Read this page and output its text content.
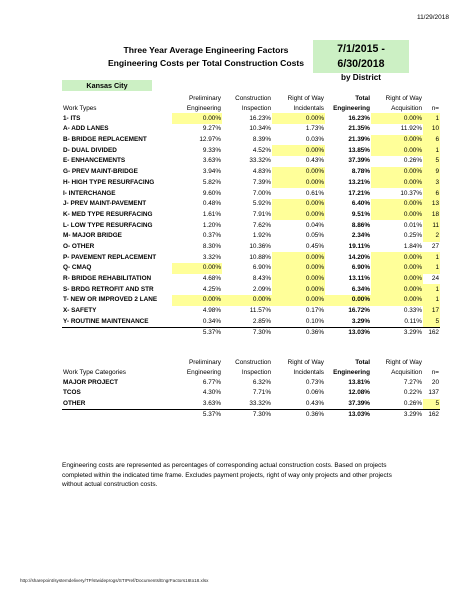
11/29/2018
Three Year Average Engineering Factors
Engineering Costs per Total Construction Costs
7/1/2015 - 6/30/2018
by District
Kansas City
	Preliminary	Construction	Right of Way	Total	Right of Way	
Work Types	Engineering	Inspection	Incidentals	Engineering	Acquisition	n=
1- ITS	0.00%	16.23%	0.00%	16.23%	0.00%	1
A- ADD LANES	9.27%	10.34%	1.73%	21.35%	11.92%	10
B- BRIDGE REPLACEMENT	12.97%	8.39%	0.03%	21.39%	0.00%	6
D- DUAL DIVIDED	9.33%	4.52%	0.00%	13.85%	0.00%	1
E- ENHANCEMENTS	3.63%	33.32%	0.43%	37.39%	0.26%	5
G- PREV MAINT-BRIDGE	3.94%	4.83%	0.00%	8.78%	0.00%	9
H- HIGH TYPE RESURFACING	5.82%	7.39%	0.00%	13.21%	0.00%	3
I- INTERCHANGE	9.60%	7.00%	0.61%	17.21%	10.37%	6
J- PREV MAINT-PAVEMENT	0.48%	5.92%	0.00%	6.40%	0.00%	13
K- MED TYPE RESURFACING	1.61%	7.91%	0.00%	9.51%	0.00%	18
L- LOW TYPE RESURFACING	1.20%	7.62%	0.04%	8.86%	0.01%	11
M- MAJOR BRIDGE	0.37%	1.92%	0.05%	2.34%	0.25%	2
O- OTHER	8.30%	10.36%	0.45%	19.11%	1.84%	27
P- PAVEMENT REPLACEMENT	3.32%	10.88%	0.00%	14.20%	0.00%	1
Q- CMAQ	0.00%	6.90%	0.00%	6.90%	0.00%	1
R- BRIDGE REHABILITATION	4.68%	8.43%	0.00%	13.11%	0.00%	24
S- BRDG RETROFIT AND STR	4.25%	2.09%	0.00%	6.34%	0.00%	1
T- NEW OR IMPROVED 2 LANE	0.00%	0.00%	0.00%	0.00%	0.00%	1
X- SAFETY	4.98%	11.57%	0.17%	16.72%	0.33%	17
Y- ROUTINE MAINTENANCE	0.34%	2.85%	0.10%	3.29%	0.11%	5
	5.37%	7.30%	0.36%	13.03%	3.29%	162
	Preliminary	Construction	Right of Way	Total	Right of Way	
Work Type Categories	Engineering	Inspection	Incidentals	Engineering	Acquisition	n=
MAJOR PROJECT	6.77%	6.32%	0.73%	13.81%	7.27%	20
TCOS	4.30%	7.71%	0.06%	12.08%	0.22%	137
OTHER	3.63%	33.32%	0.43%	37.39%	0.26%	5
	5.37%	7.30%	0.36%	13.03%	3.29%	162
Engineering costs are represented as percentages of corresponding actual construction costs. Based on projects completed within the indicated time frame. Excludes payment projects, right of way only projects and other projects without actual construction costs.
http://sharepoint/systemdelivery/TP/stwideprogs/STIPref/Documents/EngrFactors16to18.xlsx
